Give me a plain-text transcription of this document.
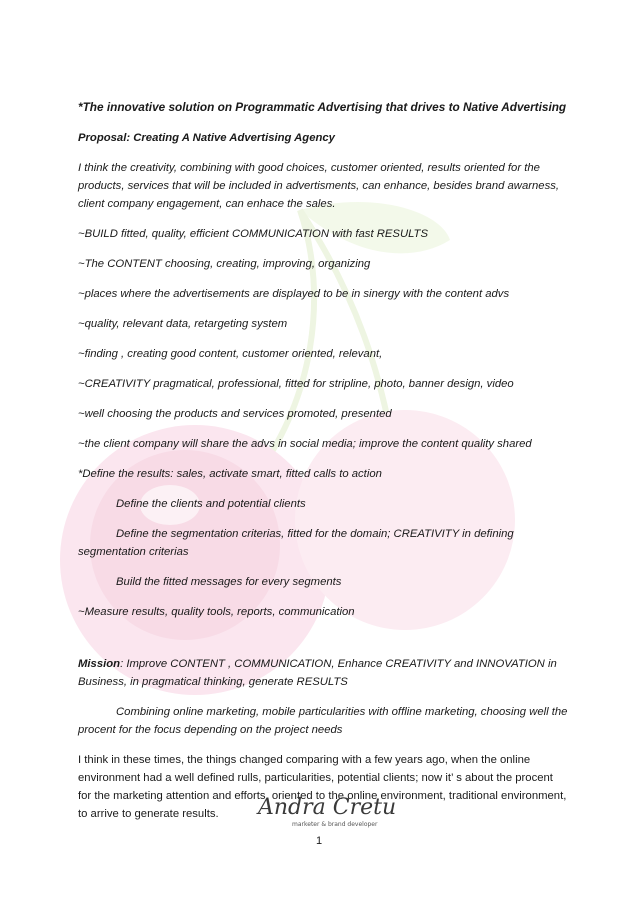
*The innovative solution on Programmatic Advertising that drives to Native Advertising
Proposal: Creating A Native Advertising Agency
I think the creativity, combining with good choices, customer oriented, results oriented for the products, services that will be included in advertisments, can enhance, besides brand awarness, client company engagement, can enhace the sales.
~BUILD fitted, quality, efficient COMMUNICATION with fast RESULTS
~The CONTENT choosing, creating, improving, organizing
~places where the advertisements are displayed to be in sinergy with the content advs
~quality, relevant data, retargeting system
~finding , creating good content, customer oriented, relevant,
~CREATIVITY pragmatical, professional, fitted for stripline, photo, banner design, video
~well choosing the products and services promoted, presented
~the client company will share the advs in social media; improve the content quality shared
*Define the results: sales, activate smart, fitted calls to action
Define the clients and potential clients
Define the segmentation criterias, fitted for the domain; CREATIVITY in defining segmentation criterias
Build the fitted messages for every segments
~Measure results, quality tools, reports, communication
Mission: Improve CONTENT , COMMUNICATION, Enhance CREATIVITY and INNOVATION in Business, in pragmatical thinking, generate RESULTS
Combining online marketing, mobile particularities with offline marketing, choosing well the procent for the focus depending on the project needs
I think in these times, the things changed comparing with a few years ago, when the online environment had a well defined rulls, particularities, potential clients; now it’ s about the procent for the marketing attention and efforts, oriented to the online environment, traditional environment, to arrive to generate results.	Andra Cretu
marketer & brand developer
1
